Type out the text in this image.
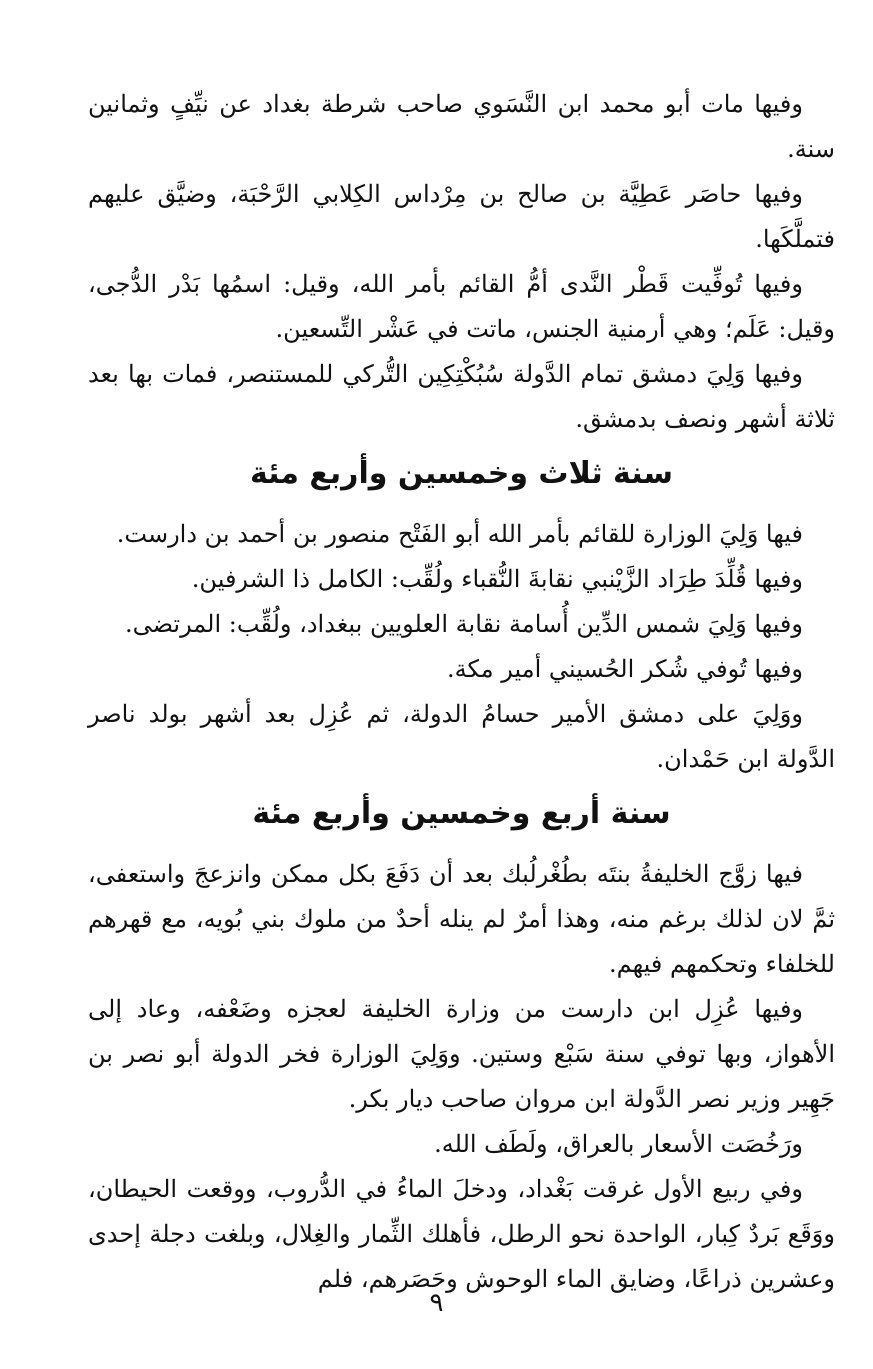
وفيها مات أبو محمد ابن النَّسَوي صاحب شرطة بغداد عن نيِّفٍ وثمانين سنة.

وفيها حاصَر عَطِيَّة بن صالح بن مِرْداس الكِلابي الرَّحْبَة، وضيَّق عليهم فتملَّكَها.

وفيها تُوفِّيت قَطْر النَّدى أمُّ القائم بأمر الله، وقيل: اسمُها بَدْر الدُّجى، وقيل: عَلَم؛ وهي أرمنية الجنس، ماتت في عَشْر التِّسعين.

وفيها وَلِيَ دمشق تمام الدَّولة سُبُكْتِكِين التُّركي للمستنصر، فمات بها بعد ثلاثة أشهر ونصف بدمشق.

سنة ثلاث وخمسين وأربع مئة

فيها وَلِيَ الوزارة للقائم بأمر الله أبو الفَتْح منصور بن أحمد بن دارست.

وفيها قُلِّدَ طِرَاد الزَّيْنبي نقابةَ النُّقباء ولُقِّب: الكامل ذا الشرفين.

وفيها وَلِيَ شمس الدِّين أُسامة نقابة العلويين ببغداد، ولُقِّب: المرتضى.

وفيها تُوفي شُكر الحُسيني أمير مكة.

ووَلِيَ على دمشق الأمير حسامُ الدولة، ثم عُزِل بعد أشهر بولد ناصر الدَّولة ابن حَمْدان.

سنة أربع وخمسين وأربع مئة

فيها زوَّج الخليفةُ بنتَه بطُغْرلُبك بعد أن دَفَعَ بكل ممكن وانزعجَ واستعفى، ثمَّ لان لذلك برغم منه، وهذا أمرٌ لم ينله أحدٌ من ملوك بني بُويه، مع قهرهم للخلفاء وتحكمهم فيهم.

وفيها عُزِل ابن دارست من وزارة الخليفة لعجزه وضَعْفه، وعاد إلى الأهواز، وبها توفي سنة سَبْع وستين. ووَلِيَ الوزارة فخر الدولة أبو نصر بن جَهِير وزير نصر الدَّولة ابن مروان صاحب ديار بكر.

ورَخُصَت الأسعار بالعراق، ولَطَف الله.

وفي ربيع الأول غرقت بَغْداد، ودخلَ الماءُ في الدُّروب، ووقعت الحيطان، ووَقَع بَردٌ كِبار، الواحدة نحو الرطل، فأهلك الثِّمار والغِلال، وبلغت دجلة إحدى وعشرين ذراعًا، وضايق الماء الوحوش وحَصَرهم، فلم

٩
